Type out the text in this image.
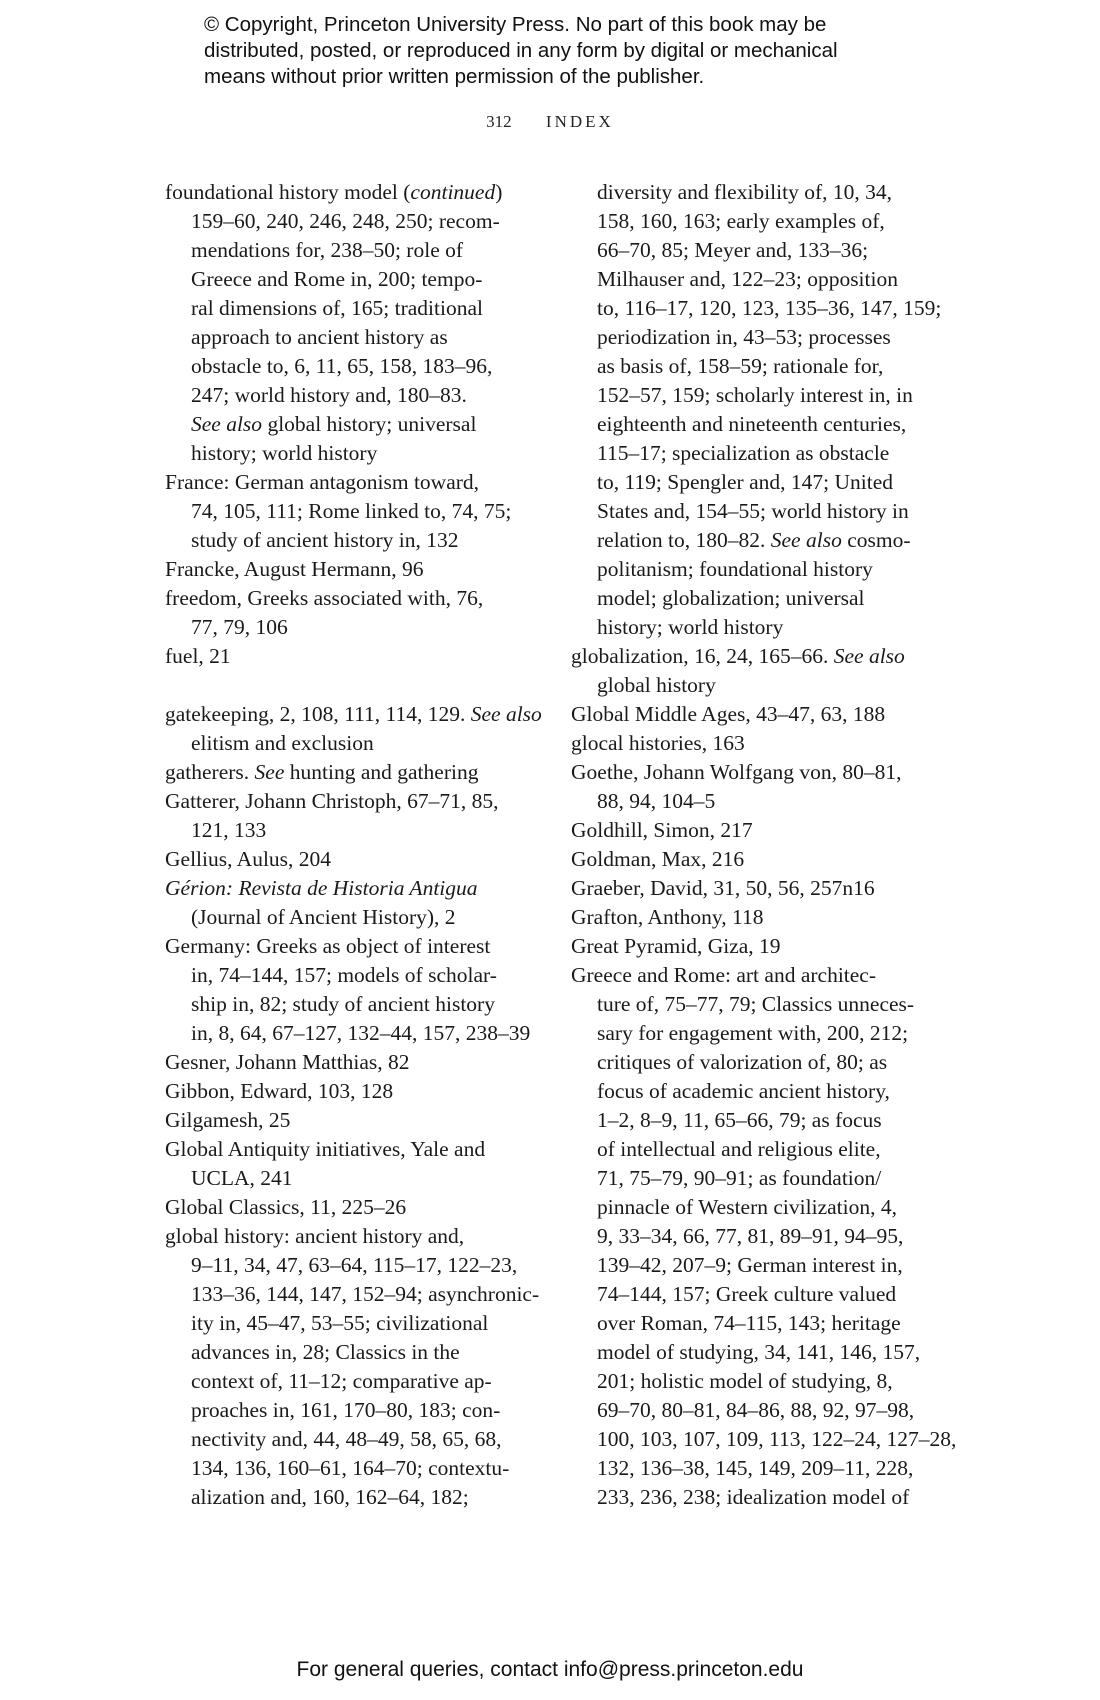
© Copyright, Princeton University Press. No part of this book may be
distributed, posted, or reproduced in any form by digital or mechanical
means without prior written permission of the publisher.
312 INDEX
foundational history model (continued)
159–60, 240, 246, 248, 250; recom-
mendations for, 238–50; role of
Greece and Rome in, 200; tempo-
ral dimensions of, 165; traditional
approach to ancient history as
obstacle to, 6, 11, 65, 158, 183–96,
247; world history and, 180–83.
See also global history; universal
history; world history
France: German antagonism toward,
74, 105, 111; Rome linked to, 74, 75;
study of ancient history in, 132
Francke, August Hermann, 96
freedom, Greeks associated with, 76,
77, 79, 106
fuel, 21
gatekeeping, 2, 108, 111, 114, 129. See also
elitism and exclusion
gatherers. See hunting and gathering
Gatterer, Johann Christoph, 67–71, 85,
121, 133
Gellius, Aulus, 204
Gérion: Revista de Historia Antigua
(Journal of Ancient History), 2
Germany: Greeks as object of interest
in, 74–144, 157; models of scholar-
ship in, 82; study of ancient history
in, 8, 64, 67–127, 132–44, 157, 238–39
Gesner, Johann Matthias, 82
Gibbon, Edward, 103, 128
Gilgamesh, 25
Global Antiquity initiatives, Yale and
UCLA, 241
Global Classics, 11, 225–26
global history: ancient history and,
9–11, 34, 47, 63–64, 115–17, 122–23,
133–36, 144, 147, 152–94; asynchronic-
ity in, 45–47, 53–55; civilizational
advances in, 28; Classics in the
context of, 11–12; comparative ap-
proaches in, 161, 170–80, 183; con-
nectivity and, 44, 48–49, 58, 65, 68,
134, 136, 160–61, 164–70; contextu-
alization and, 160, 162–64, 182;
diversity and flexibility of, 10, 34,
158, 160, 163; early examples of,
66–70, 85; Meyer and, 133–36;
Milhauser and, 122–23; opposition
to, 116–17, 120, 123, 135–36, 147, 159;
periodization in, 43–53; processes
as basis of, 158–59; rationale for,
152–57, 159; scholarly interest in, in
eighteenth and nineteenth centuries,
115–17; specialization as obstacle
to, 119; Spengler and, 147; United
States and, 154–55; world history in
relation to, 180–82. See also cosmo-
politanism; foundational history
model; globalization; universal
history; world history
globalization, 16, 24, 165–66. See also
global history
Global Middle Ages, 43–47, 63, 188
glocal histories, 163
Goethe, Johann Wolfgang von, 80–81,
88, 94, 104–5
Goldhill, Simon, 217
Goldman, Max, 216
Graeber, David, 31, 50, 56, 257n16
Grafton, Anthony, 118
Great Pyramid, Giza, 19
Greece and Rome: art and architec-
ture of, 75–77, 79; Classics unneces-
sary for engagement with, 200, 212;
critiques of valorization of, 80; as
focus of academic ancient history,
1–2, 8–9, 11, 65–66, 79; as focus
of intellectual and religious elite,
71, 75–79, 90–91; as foundation/
pinnacle of Western civilization, 4,
9, 33–34, 66, 77, 81, 89–91, 94–95,
139–42, 207–9; German interest in,
74–144, 157; Greek culture valued
over Roman, 74–115, 143; heritage
model of studying, 34, 141, 146, 157,
201; holistic model of studying, 8,
69–70, 80–81, 84–86, 88, 92, 97–98,
100, 103, 107, 109, 113, 122–24, 127–28,
132, 136–38, 145, 149, 209–11, 228,
233, 236, 238; idealization model of
For general queries, contact info@press.princeton.edu
